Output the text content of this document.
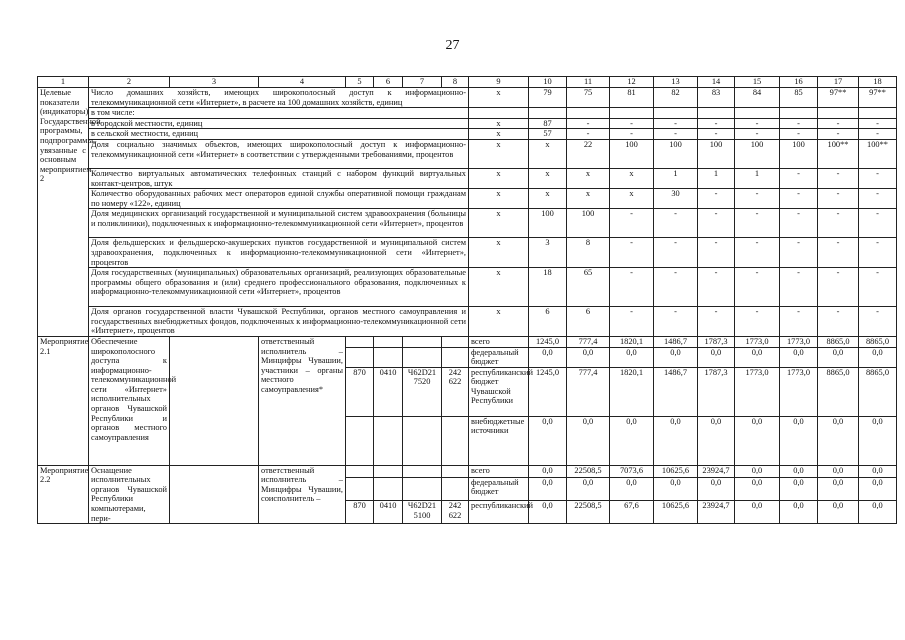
27
1	2	3	4	5	6	7	8	9	10	11	12	13	14	15	16	17	18
Целевые показатели (индикаторы) Государственной программы, подпрограммы, увязанные с основным мероприятием 2	Число домашних хозяйств, имеющих широкополосный доступ к информационно-телекоммуникационной сети «Интернет», в расчете на 100 домашних хозяйств, единиц							x	79	75	81	82	83	84	85	97**	97**
	в том числе:																
	в городской местности, единиц							x	87	-	-	-	-	-	-	-	-
	в сельской местности, единиц							x	57	-	-	-	-	-	-	-	-
	Доля социально значимых объектов, имеющих широкополосный доступ к информационно-телекоммуникационной сети «Интернет» в соответствии с утвержденными требованиями, процентов							x	x	22	100	100	100	100	100	100**	100**
	Количество виртуальных автоматических телефонных станций с набором функций виртуальных контакт-центров, штук							x	x	x	x	1	1	1	-	-	-
	Количество оборудованных рабочих мест операторов единой службы оперативной помощи гражданам по номеру «122», единиц							x	x	x	x	30	-	-	-	-	-
	Доля медицинских организаций государственной и муниципальной систем здравоохранения (больницы и поликлиники), подключенных к информационно-телекоммуникационной сети «Интернет», процентов							x	100	100	-	-	-	-	-	-	-
	Доля фельдшерских и фельдшерско-акушерских пунктов государственной и муниципальной систем здравоохранения, подключенных к информационно-телекоммуникационной сети «Интернет», процентов							x	3	8	-	-	-	-	-	-	-
	Доля государственных (муниципальных) образовательных организаций, реализующих образовательные программы общего образования и (или) среднего профессионального образования, подключенных к информационно-телекоммуникационной сети «Интернет», процентов							x	18	65	-	-	-	-	-	-	-
	Доля органов государственной власти Чувашской Республики, органов местного самоуправления и государственных внебюджетных фондов, подключенных к информационно-телекоммуникационной сети «Интернет», процентов							x	6	6	-	-	-	-	-	-	-
Мероприятие 2.1	Обеспечение широкополосного доступа к информационно-телекоммуникационной сети «Интернет» исполнительных органов Чувашской Республики и органов местного самоуправления		ответственный исполнитель – Минцифры Чувашии, участники – органы местного самоуправления*					всего	1245,0	777,4	1820,1	1486,7	1787,3	1773,0	1773,0	8865,0	8865,0
								федеральный бюджет	0,0	0,0	0,0	0,0	0,0	0,0	0,0	0,0	0,0
				870	0410	Ч62D21 7520	242 622	республиканский бюджет Чувашской Республики	1245,0	777,4	1820,1	1486,7	1787,3	1773,0	1773,0	8865,0	8865,0
								внебюджетные источники	0,0	0,0	0,0	0,0	0,0	0,0	0,0	0,0	0,0
Мероприятие 2.2	Оснащение исполнительных органов Чувашской Республики компьютерами, пери-		ответственный исполнитель – Минцифры Чувашии, соисполнитель –					всего	0,0	22508,5	7073,6	10625,6	23924,7	0,0	0,0	0,0	0,0
								федеральный бюджет	0,0	0,0	0,0	0,0	0,0	0,0	0,0	0,0	0,0
				870	0410	Ч62D21 5100	242 622	республиканский	0,0	22508,5	67,6	10625,6	23924,7	0,0	0,0	0,0	0,0
